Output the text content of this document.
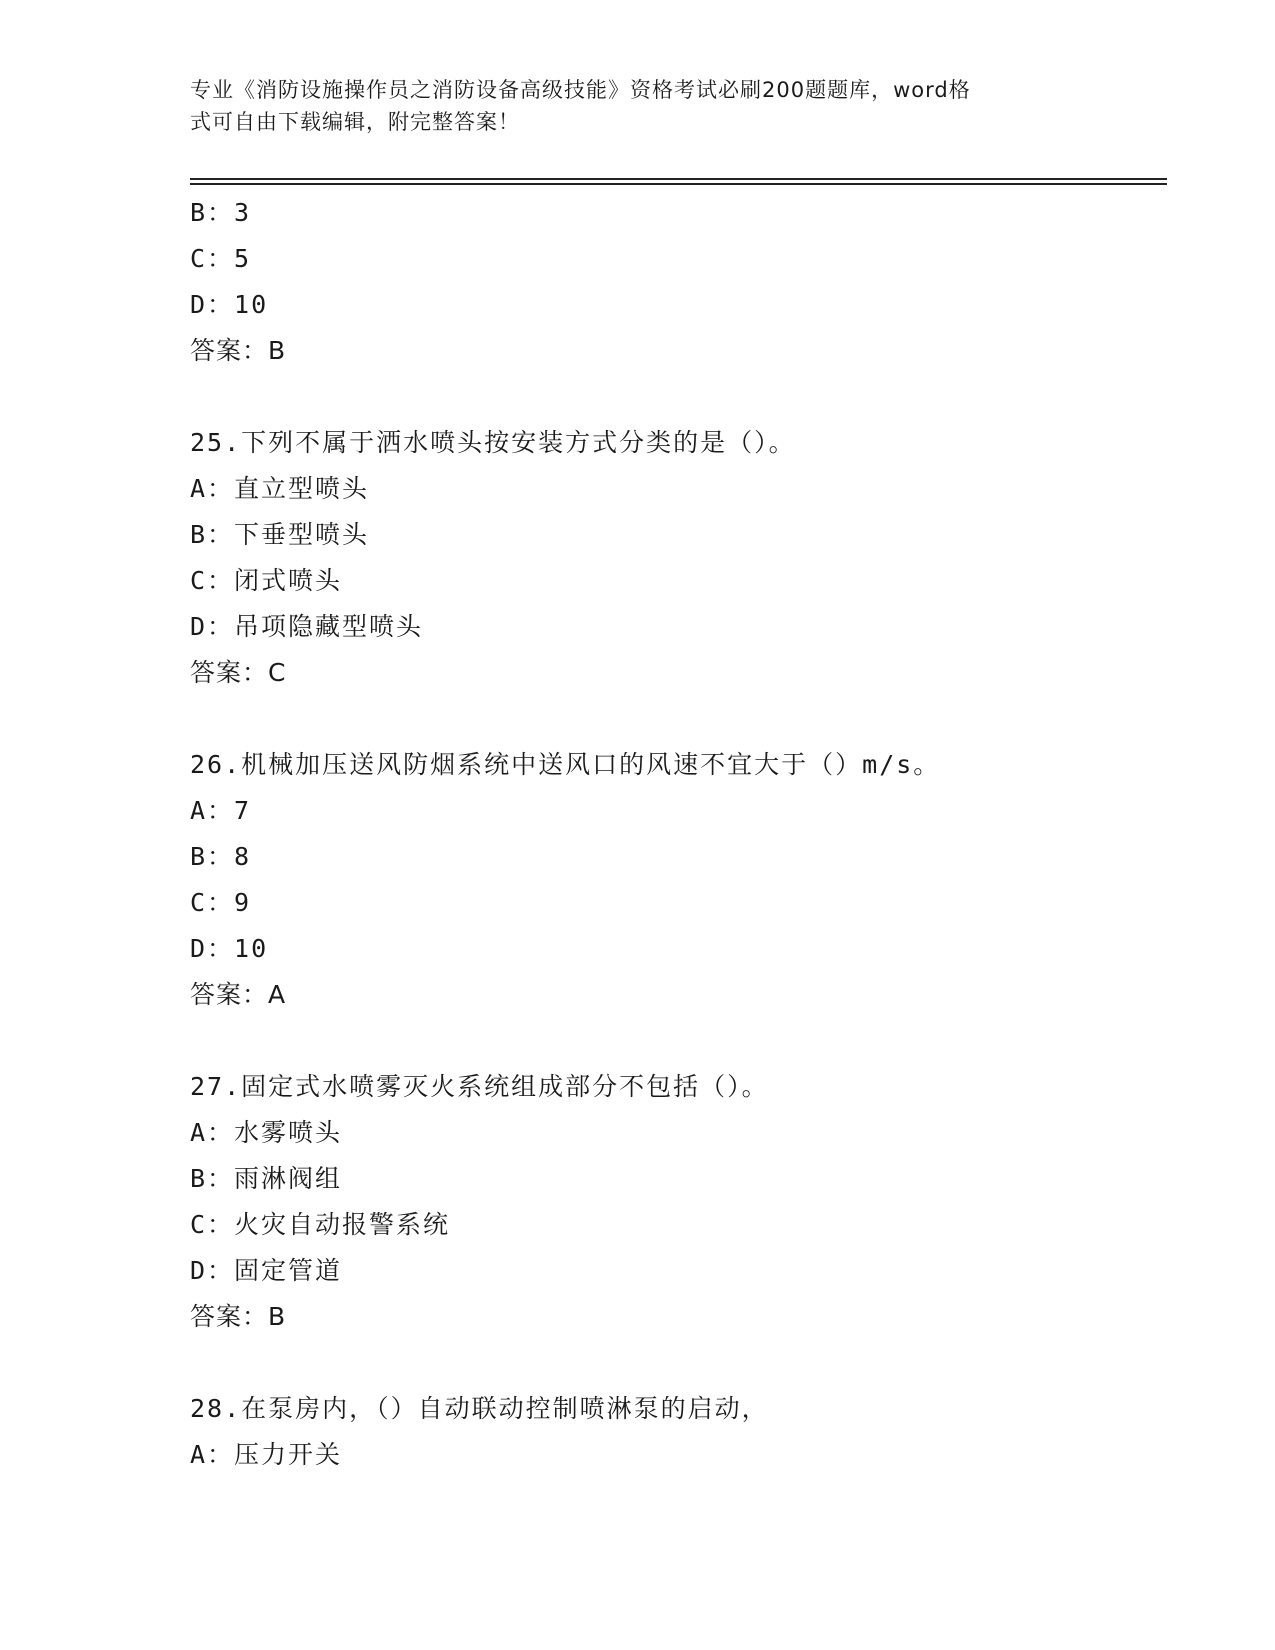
专业《消防设施操作员之消防设备高级技能》资格考试必刷200题题库，word格
式可自由下载编辑，附完整答案！
B：3
C：5
D：10
答案：B
25.下列不属于洒水喷头按安装方式分类的是（）。
A：直立型喷头
B：下垂型喷头
C：闭式喷头
D：吊项隐藏型喷头
答案：C
26.机械加压送风防烟系统中送风口的风速不宜大于（）m/s。
A：7
B：8
C：9
D：10
答案：A
27.固定式水喷雾灭火系统组成部分不包括（）。
A：水雾喷头
B：雨淋阀组
C：火灾自动报警系统
D：固定管道
答案：B
28.在泵房内，（）自动联动控制喷淋泵的启动，
A：压力开关
